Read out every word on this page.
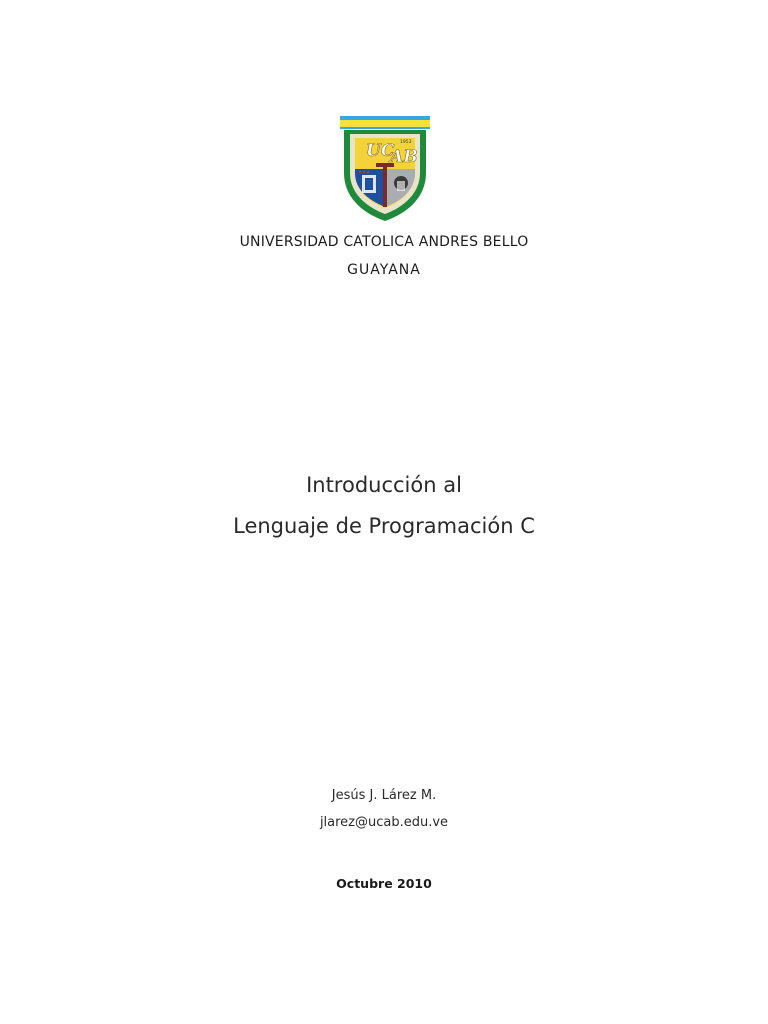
UC
AB
1953
UNIVERSIDAD CATOLICA ANDRES BELLO
GUAYANA
Introducción al
Lenguaje de Programación C
Jesús J. Lárez M.
jlarez@ucab.edu.ve
Octubre 2010
